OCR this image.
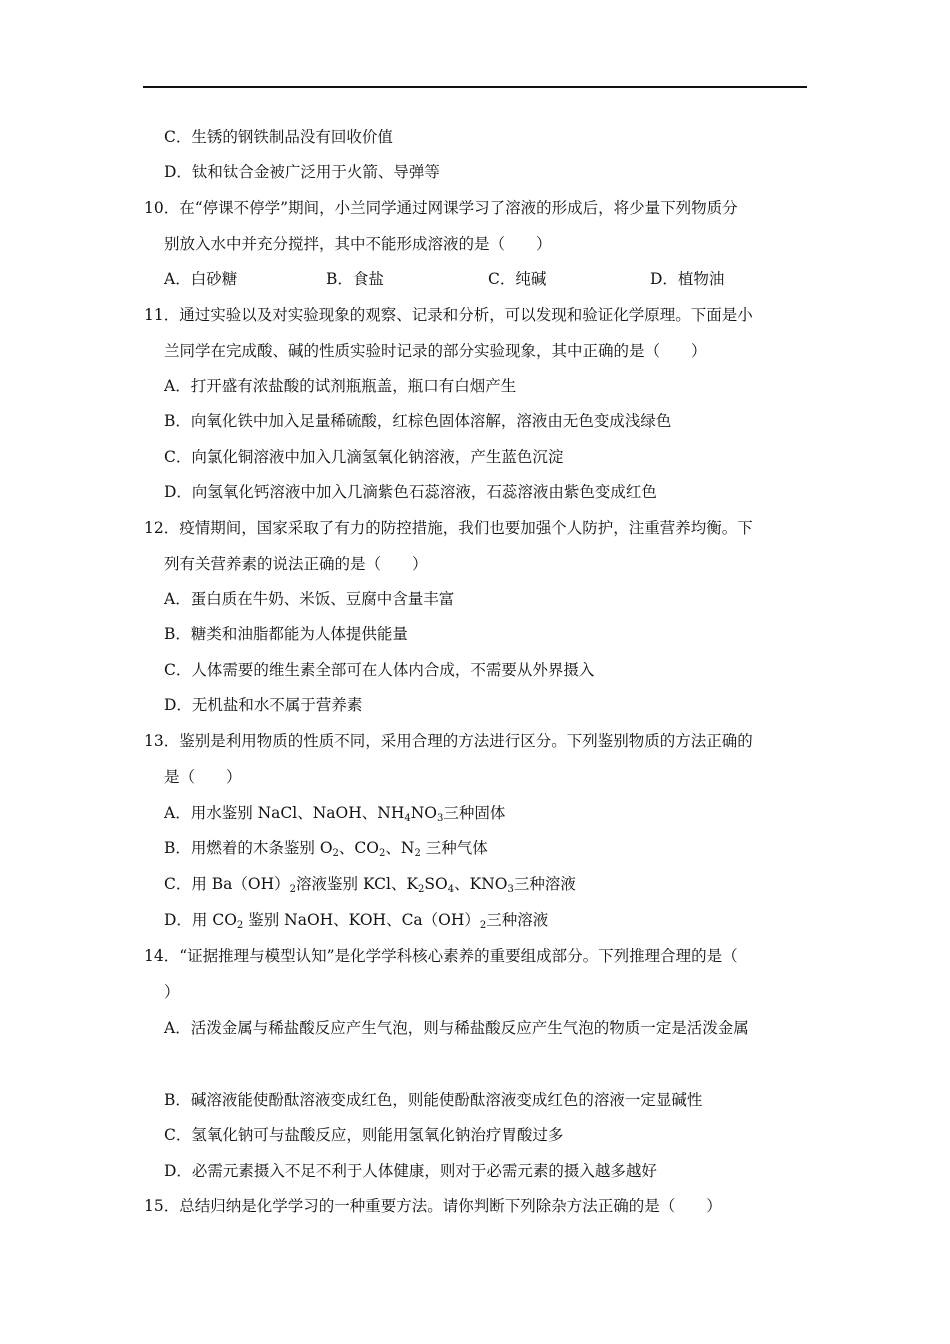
C．生锈的钢铁制品没有回收价值
D．钛和钛合金被广泛用于火箭、导弹等
10．在“停课不停学”期间，小兰同学通过网课学习了溶液的形成后，将少量下列物质分
别放入水中并充分搅拌，其中不能形成溶液的是（　　）
A．白砂糖	B．食盐	C．纯碱	D．植物油
11．通过实验以及对实验现象的观察、记录和分析，可以发现和验证化学原理。下面是小
兰同学在完成酸、碱的性质实验时记录的部分实验现象，其中正确的是（　　）
A．打开盛有浓盐酸的试剂瓶瓶盖，瓶口有白烟产生
B．向氧化铁中加入足量稀硫酸，红棕色固体溶解，溶液由无色变成浅绿色
C．向氯化铜溶液中加入几滴氢氧化钠溶液，产生蓝色沉淀
D．向氢氧化钙溶液中加入几滴紫色石蕊溶液，石蕊溶液由紫色变成红色
12．疫情期间，国家采取了有力的防控措施，我们也要加强个人防护，注重营养均衡。下
列有关营养素的说法正确的是（　　）
A．蛋白质在牛奶、米饭、豆腐中含量丰富
B．糖类和油脂都能为人体提供能量
C．人体需要的维生素全部可在人体内合成，不需要从外界摄入
D．无机盐和水不属于营养素
13．鉴别是利用物质的性质不同，采用合理的方法进行区分。下列鉴别物质的方法正确的
是（　　）
A．用水鉴别 NaCl、NaOH、$NH_4NO_3$三种固体
B．用燃着的木条鉴别 $O_2$、$CO_2$、$N_2$ 三种气体
C．用 $Ba(OH)_2$溶液鉴别 KCl、$K_2SO_4$、$KNO_3$三种溶液
D．用 $CO_2$ 鉴别 NaOH、KOH、$Ca(OH)_2$三种溶液
14．“证据推理与模型认知”是化学学科核心素养的重要组成部分。下列推理合理的是（
）
A．活泼金属与稀盐酸反应产生气泡，则与稀盐酸反应产生气泡的物质一定是活泼金属
B．碱溶液能使酚酞溶液变成红色，则能使酚酞溶液变成红色的溶液一定显碱性
C．氢氧化钠可与盐酸反应，则能用氢氧化钠治疗胃酸过多
D．必需元素摄入不足不利于人体健康，则对于必需元素的摄入越多越好
15．总结归纳是化学学习的一种重要方法。请你判断下列除杂方法正确的是（　　）
